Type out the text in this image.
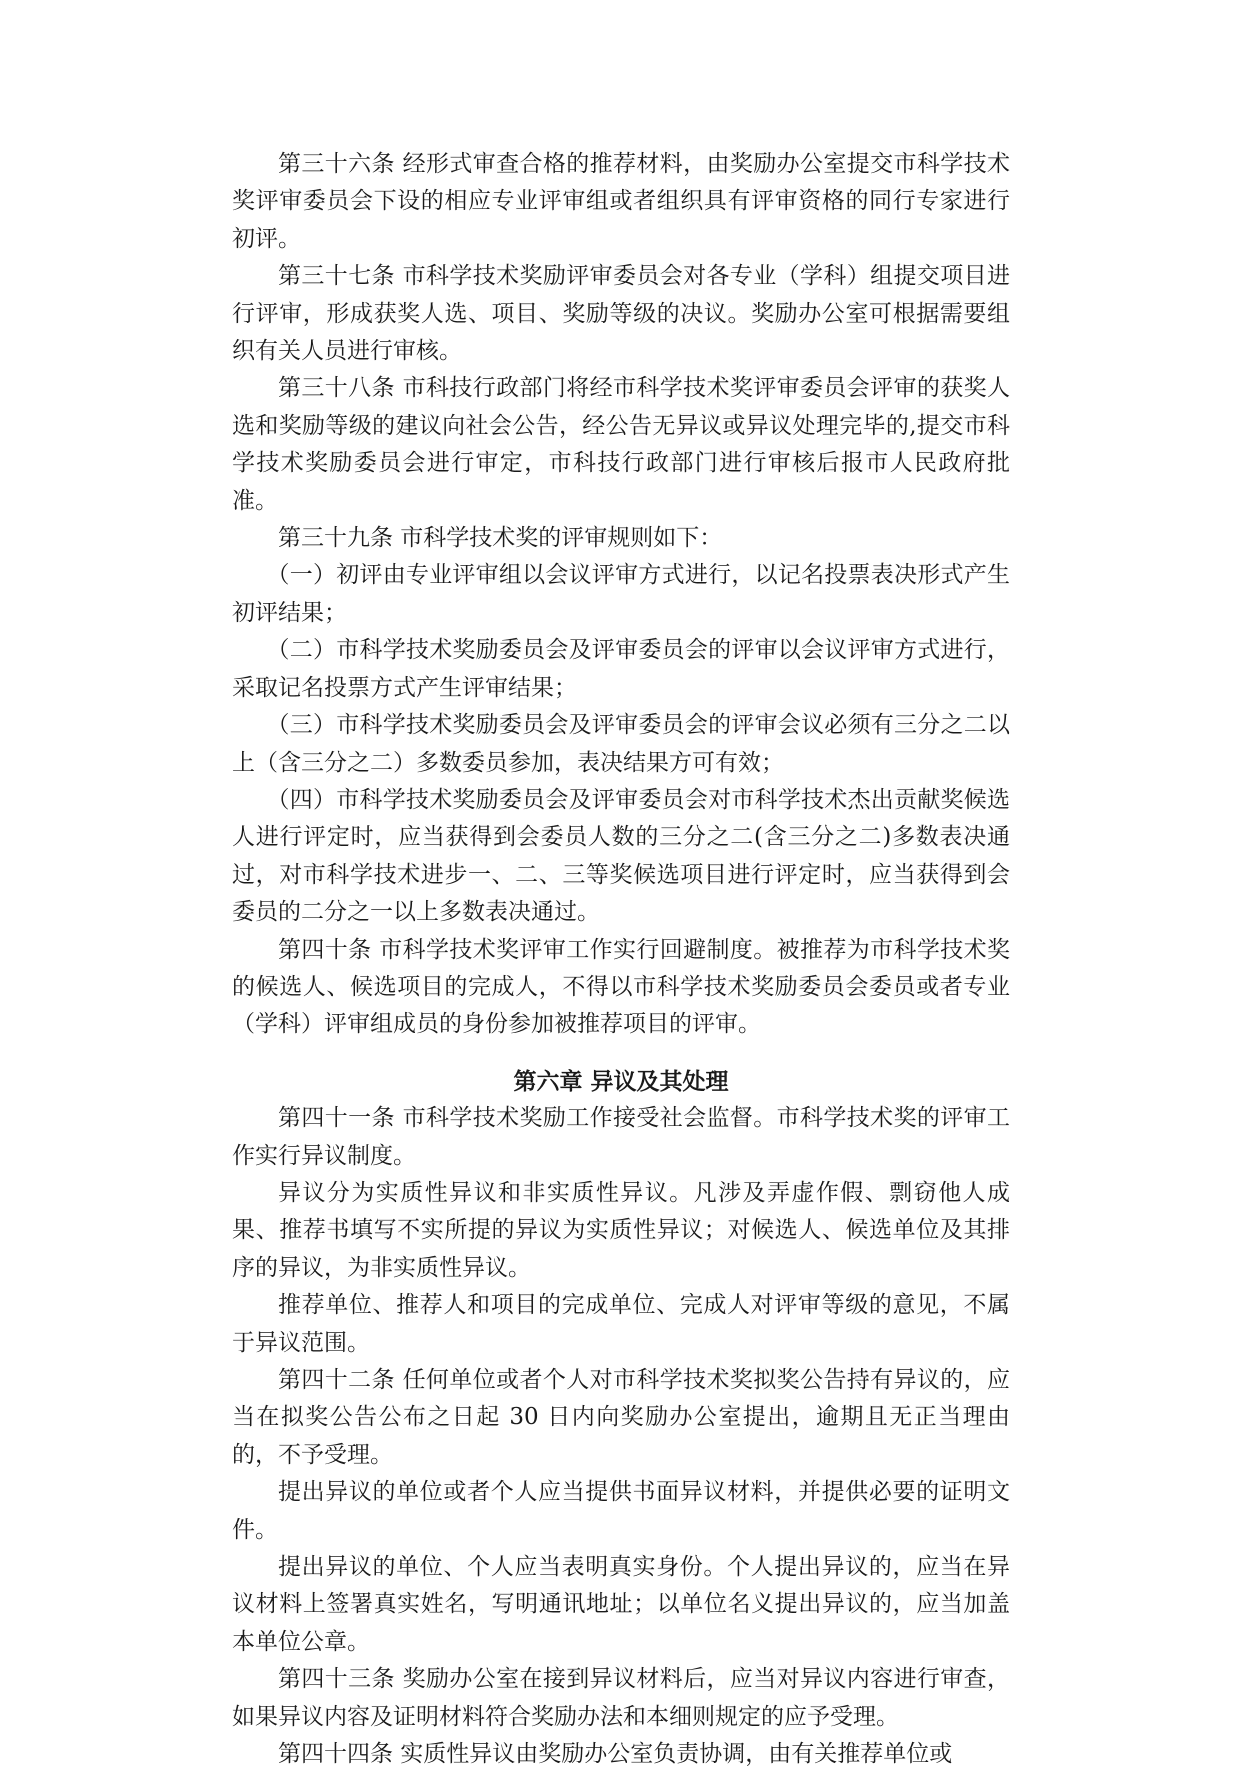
第三十六条 经形式审查合格的推荐材料，由奖励办公室提交市科学技术奖评审委员会下设的相应专业评审组或者组织具有评审资格的同行专家进行初评。

第三十七条 市科学技术奖励评审委员会对各专业（学科）组提交项目进行评审，形成获奖人选、项目、奖励等级的决议。奖励办公室可根据需要组织有关人员进行审核。

第三十八条 市科技行政部门将经市科学技术奖评审委员会评审的获奖人选和奖励等级的建议向社会公告，经公告无异议或异议处理完毕的,提交市科学技术奖励委员会进行审定，市科技行政部门进行审核后报市人民政府批准。

第三十九条 市科学技术奖的评审规则如下：

（一）初评由专业评审组以会议评审方式进行，以记名投票表决形式产生初评结果；

（二）市科学技术奖励委员会及评审委员会的评审以会议评审方式进行，采取记名投票方式产生评审结果；

（三）市科学技术奖励委员会及评审委员会的评审会议必须有三分之二以上（含三分之二）多数委员参加，表决结果方可有效；

（四）市科学技术奖励委员会及评审委员会对市科学技术杰出贡献奖候选人进行评定时，应当获得到会委员人数的三分之二(含三分之二)多数表决通过，对市科学技术进步一、二、三等奖候选项目进行评定时，应当获得到会委员的二分之一以上多数表决通过。

第四十条 市科学技术奖评审工作实行回避制度。被推荐为市科学技术奖的候选人、候选项目的完成人，不得以市科学技术奖励委员会委员或者专业（学科）评审组成员的身份参加被推荐项目的评审。

第六章 异议及其处理

第四十一条 市科学技术奖励工作接受社会监督。市科学技术奖的评审工作实行异议制度。

异议分为实质性异议和非实质性异议。凡涉及弄虚作假、剽窃他人成果、推荐书填写不实所提的异议为实质性异议；对候选人、候选单位及其排序的异议，为非实质性异议。

推荐单位、推荐人和项目的完成单位、完成人对评审等级的意见，不属于异议范围。

第四十二条 任何单位或者个人对市科学技术奖拟奖公告持有异议的，应当在拟奖公告公布之日起 30 日内向奖励办公室提出，逾期且无正当理由的，不予受理。

提出异议的单位或者个人应当提供书面异议材料，并提供必要的证明文件。

提出异议的单位、个人应当表明真实身份。个人提出异议的，应当在异议材料上签署真实姓名，写明通讯地址；以单位名义提出异议的，应当加盖本单位公章。

第四十三条 奖励办公室在接到异议材料后，应当对异议内容进行审查，如果异议内容及证明材料符合奖励办法和本细则规定的应予受理。

第四十四条 实质性异议由奖励办公室负责协调，由有关推荐单位或
